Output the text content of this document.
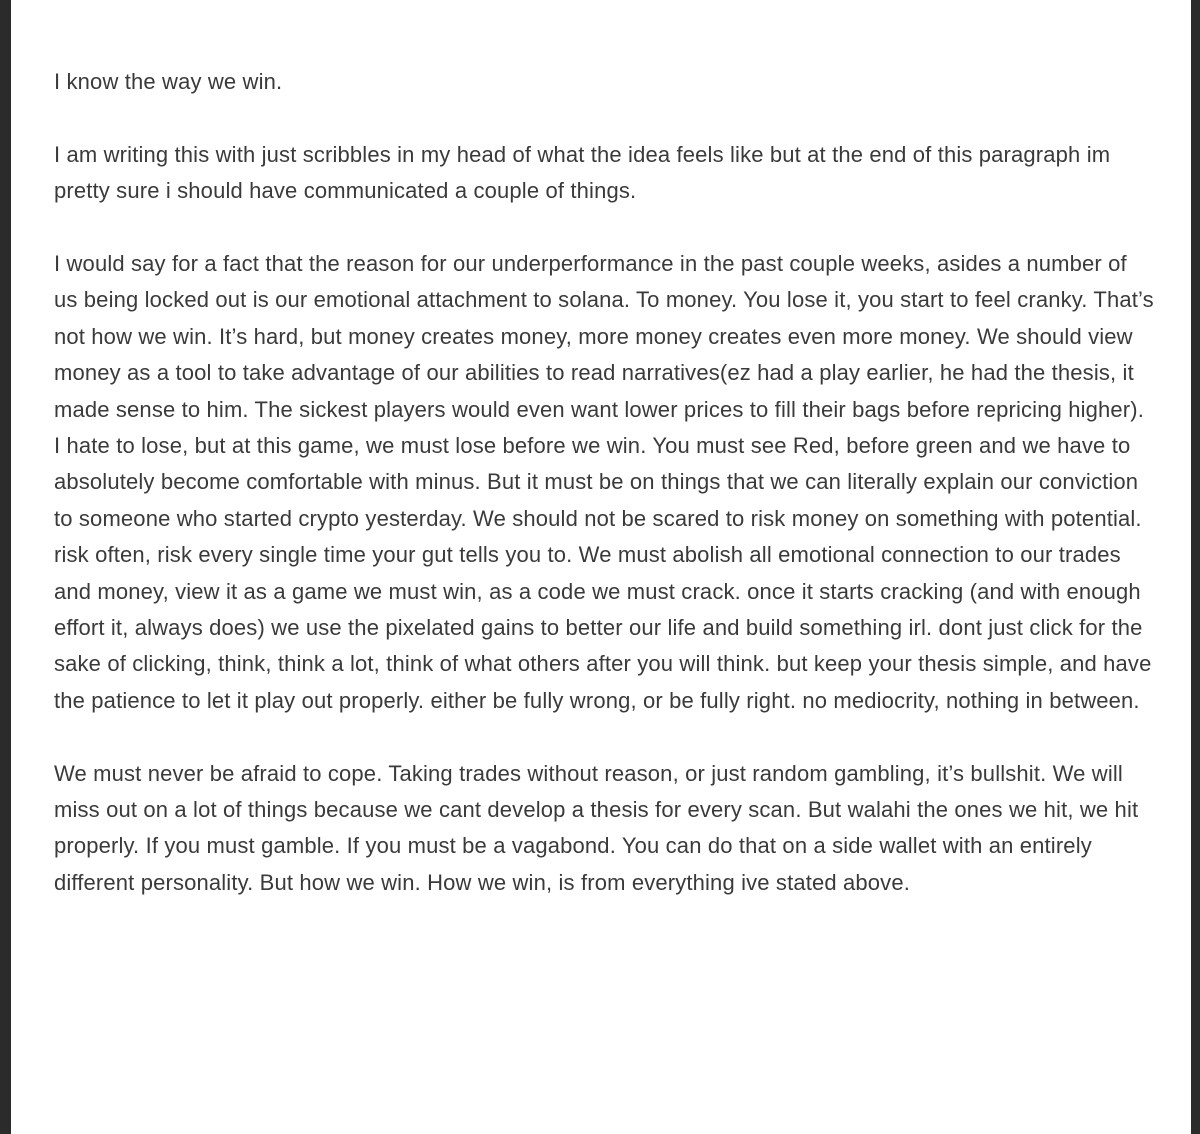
I know the way we win.

I am writing this with just scribbles in my head of what the idea feels like but at the end of this paragraph im pretty sure i should have communicated a couple of things.

I would say for a fact that the reason for our underperformance in the past couple weeks, asides a number of us being locked out is our emotional attachment to solana. To money. You lose it, you start to feel cranky. That’s not how we win. It’s hard, but money creates money, more money creates even more money. We should view money as a tool to take advantage of our abilities to read narratives(ez had a play earlier, he had the thesis, it made sense to him. The sickest players would even want lower prices to fill their bags before repricing higher). I hate to lose, but at this game, we must lose before we win. You must see Red, before green and we have to absolutely become comfortable with minus. But it must be on things that we can literally explain our conviction to someone who started crypto yesterday. We should not be scared to risk money on something with potential. risk often, risk every single time your gut tells you to. We must abolish all emotional connection to our trades and money, view it as a game we must win, as a code we must crack. once it starts cracking (and with enough effort it, always does) we use the pixelated gains to better our life and build something irl. dont just click for the sake of clicking, think, think a lot, think of what others after you will think. but keep your thesis simple, and have the patience to let it play out properly. either be fully wrong, or be fully right. no mediocrity, nothing in between.

We must never be afraid to cope. Taking trades without reason, or just random gambling, it’s bullshit. We will miss out on a lot of things because we cant develop a thesis for every scan. But walahi the ones we hit, we hit properly. If you must gamble. If you must be a vagabond. You can do that on a side wallet with an entirely different personality. But how we win. How we win, is from everything ive stated above.
